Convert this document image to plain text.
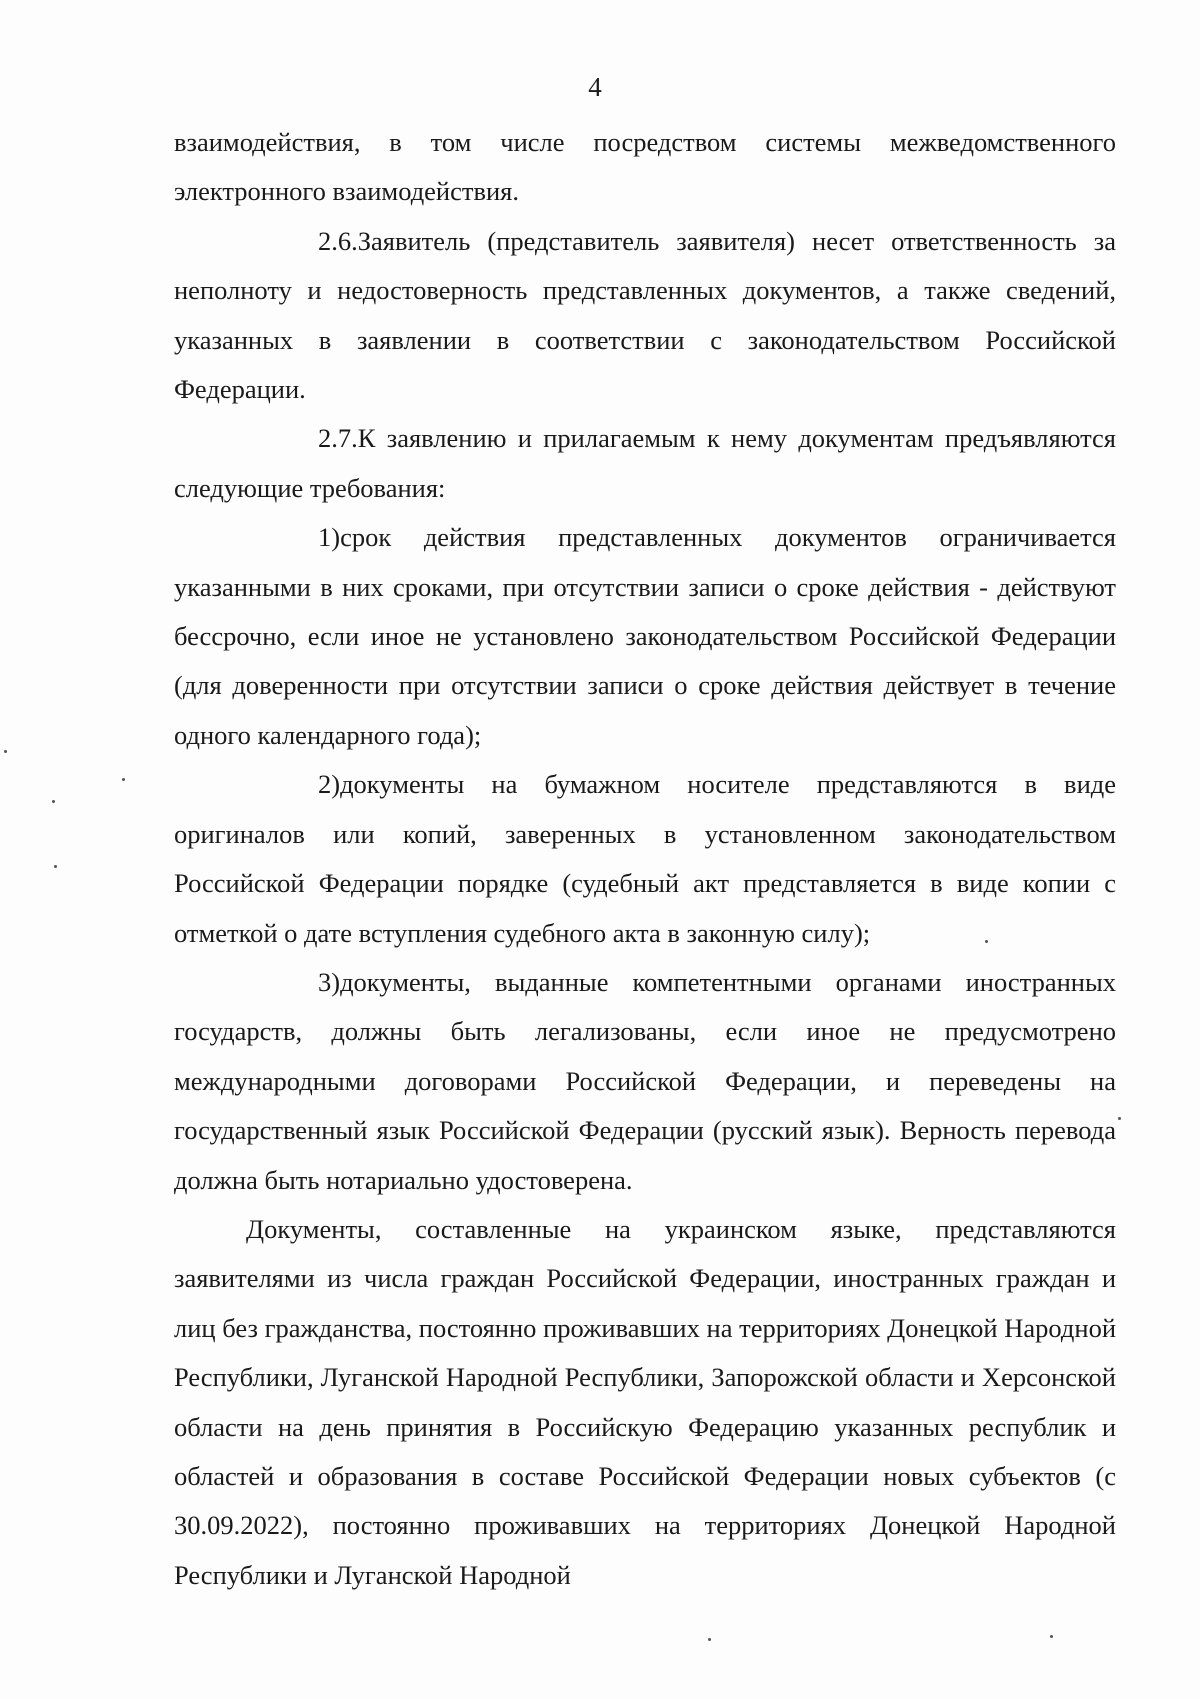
4

взаимодействия, в том числе посредством системы межведомственного электронного взаимодействия.

2.6.Заявитель (представитель заявителя) несет ответственность за неполноту и недостоверность представленных документов, а также сведений, указанных в заявлении в соответствии с законодательством Российской Федерации.

2.7.К заявлению и прилагаемым к нему документам предъявляются следующие требования:

1)срок действия представленных документов ограничивается указанными в них сроками, при отсутствии записи о сроке действия - действуют бессрочно, если иное не установлено законодательством Российской Федерации (для доверенности при отсутствии записи о сроке действия действует в течение одного календарного года);

2)документы на бумажном носителе представляются в виде оригиналов или копий, заверенных в установленном законодательством Российской Федерации порядке (судебный акт представляется в виде копии с отметкой о дате вступления судебного акта в законную силу);

3)документы, выданные компетентными органами иностранных государств, должны быть легализованы, если иное не предусмотрено международными договорами Российской Федерации, и переведены на государственный язык Российской Федерации (русский язык). Верность перевода должна быть нотариально удостоверена.

Документы, составленные на украинском языке, представляются заявителями из числа граждан Российской Федерации, иностранных граждан и лиц без гражданства, постоянно проживавших на территориях Донецкой Народной Республики, Луганской Народной Республики, Запорожской области и Херсонской области на день принятия в Российскую Федерацию указанных республик и областей и образования в составе Российской Федерации новых субъектов (с 30.09.2022), постоянно проживавших на территориях Донецкой Народной Республики и Луганской Народной
